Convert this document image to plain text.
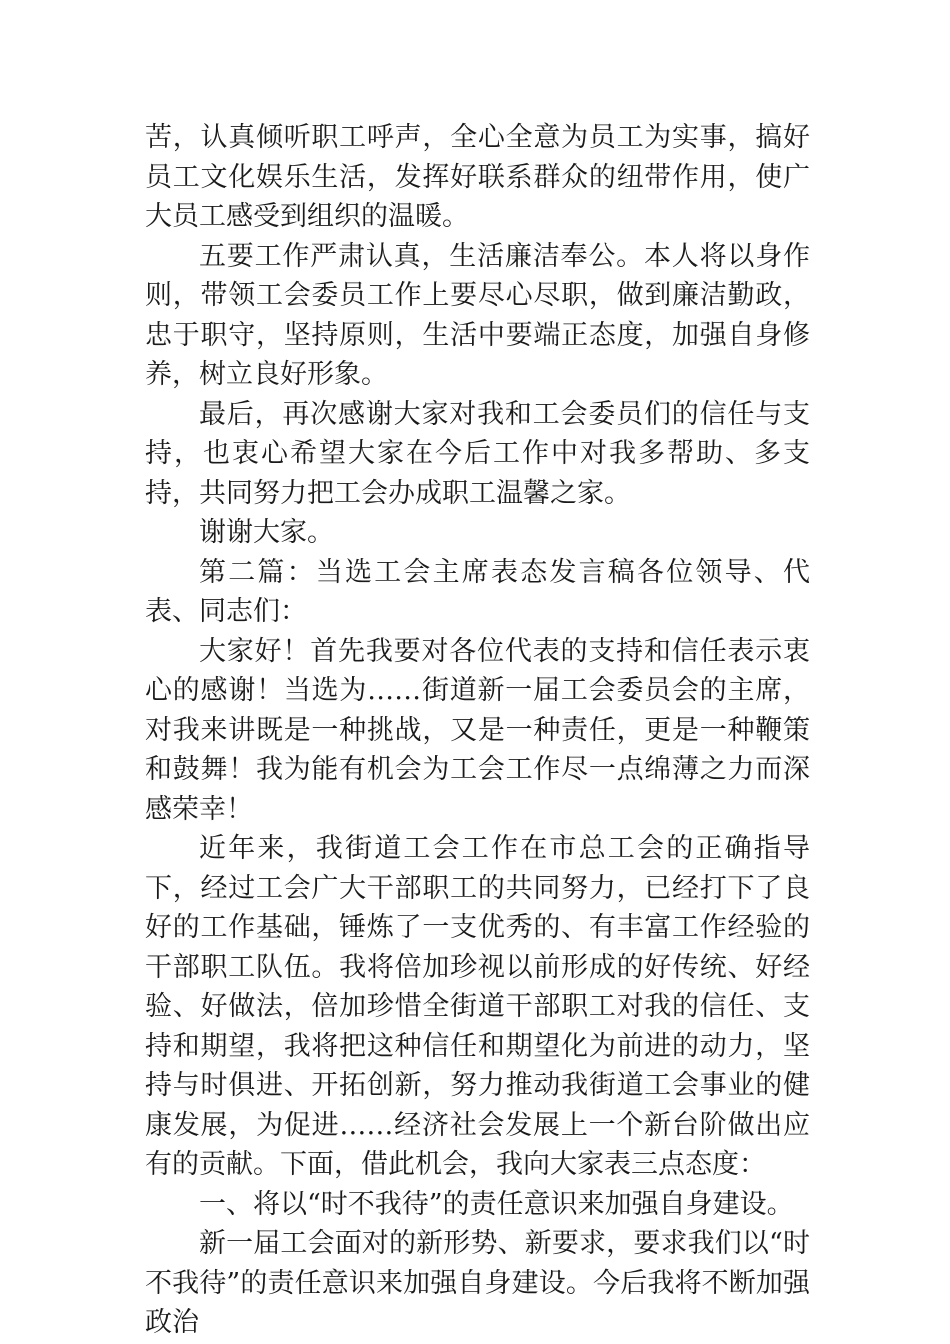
苦，认真倾听职工呼声，全心全意为员工为实事，搞好员工文化娱乐生活，发挥好联系群众的纽带作用，使广大员工感受到组织的温暖。

五要工作严肃认真，生活廉洁奉公。本人将以身作则，带领工会委员工作上要尽心尽职，做到廉洁勤政，忠于职守，坚持原则，生活中要端正态度，加强自身修养，树立良好形象。

最后，再次感谢大家对我和工会委员们的信任与支持，也衷心希望大家在今后工作中对我多帮助、多支持，共同努力把工会办成职工温馨之家。

谢谢大家。

第二篇：当选工会主席表态发言稿各位领导、代表、同志们：

大家好！首先我要对各位代表的支持和信任表示衷心的感谢！当选为……街道新一届工会委员会的主席，对我来讲既是一种挑战，又是一种责任，更是一种鞭策和鼓舞！我为能有机会为工会工作尽一点绵薄之力而深感荣幸！

近年来，我街道工会工作在市总工会的正确指导下，经过工会广大干部职工的共同努力，已经打下了良好的工作基础，锤炼了一支优秀的、有丰富工作经验的干部职工队伍。我将倍加珍视以前形成的好传统、好经验、好做法，倍加珍惜全街道干部职工对我的信任、支持和期望，我将把这种信任和期望化为前进的动力，坚持与时俱进、开拓创新，努力推动我街道工会事业的健康发展，为促进……经济社会发展上一个新台阶做出应有的贡献。下面，借此机会，我向大家表三点态度：

一、将以“时不我待”的责任意识来加强自身建设。

新一届工会面对的新形势、新要求，要求我们以“时不我待”的责任意识来加强自身建设。今后我将不断加强政治
